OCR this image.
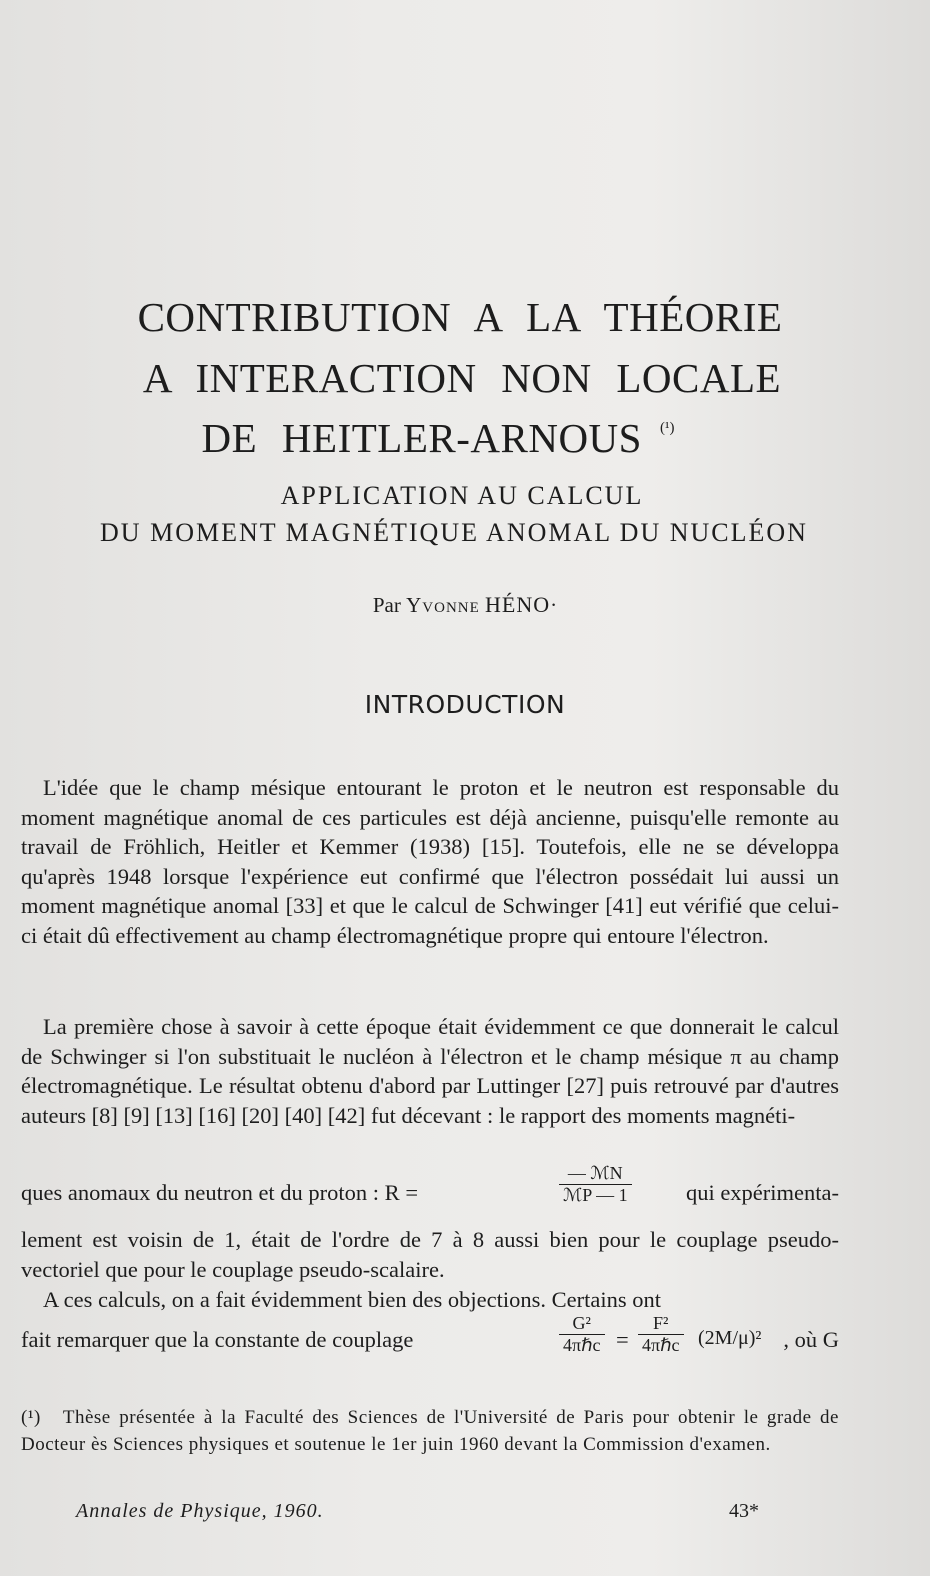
CONTRIBUTION A LA THÉORIE
A INTERACTION NON LOCALE
DE HEITLER-ARNOUS $^{(^1)}$
APPLICATION AU CALCUL
DU MOMENT MAGNÉTIQUE ANOMAL DU NUCLÉON
Par Yvonne HÉNO·
INTRODUCTION

L'idée que le champ mésique entourant le proton et le neutron est responsable du moment magnétique anomal de ces particules est déjà ancienne, puisqu'elle remonte au travail de Fröhlich, Heitler et Kemmer (1938) [15]. Toutefois, elle ne se développa qu'après 1948 lorsque l'expérience eut confirmé que l'électron possédait lui aussi un moment magnétique anomal [33] et que le calcul de Schwinger [41] eut vérifié que celui-ci était dû effectivement au champ électromagnétique propre qui entoure l'électron.

La première chose à savoir à cette époque était évidemment ce que donnerait le calcul de Schwinger si l'on substituait le nucléon à l'électron et le champ mésique π au champ électromagnétique. Le résultat obtenu d'abord par Luttinger [27] puis retrouvé par d'autres auteurs [8] [9] [13] [16] [20] [40] [42] fut décevant : le rapport des moments magnéti-

ques anomaux du neutron et du proton : R =
— ℳN
ℳP — 1	qui expérimenta-

lement est voisin de 1, était de l'ordre de 7 à 8 aussi bien pour le couplage pseudo-vectoriel que pour le couplage pseudo-scalaire.

A ces calculs, on a fait évidemment bien des objections. Certains ont

fait remarquer que la constante de couplage
G²
4πℏc =
F²
4πℏc (2M/μ)² , où G

(¹) Thèse présentée à la Faculté des Sciences de l'Université de Paris pour obtenir le grade de Docteur ès Sciences physiques et soutenue le 1er juin 1960 devant la Commission d'examen.

Annales de Physique, 1960.	43*
